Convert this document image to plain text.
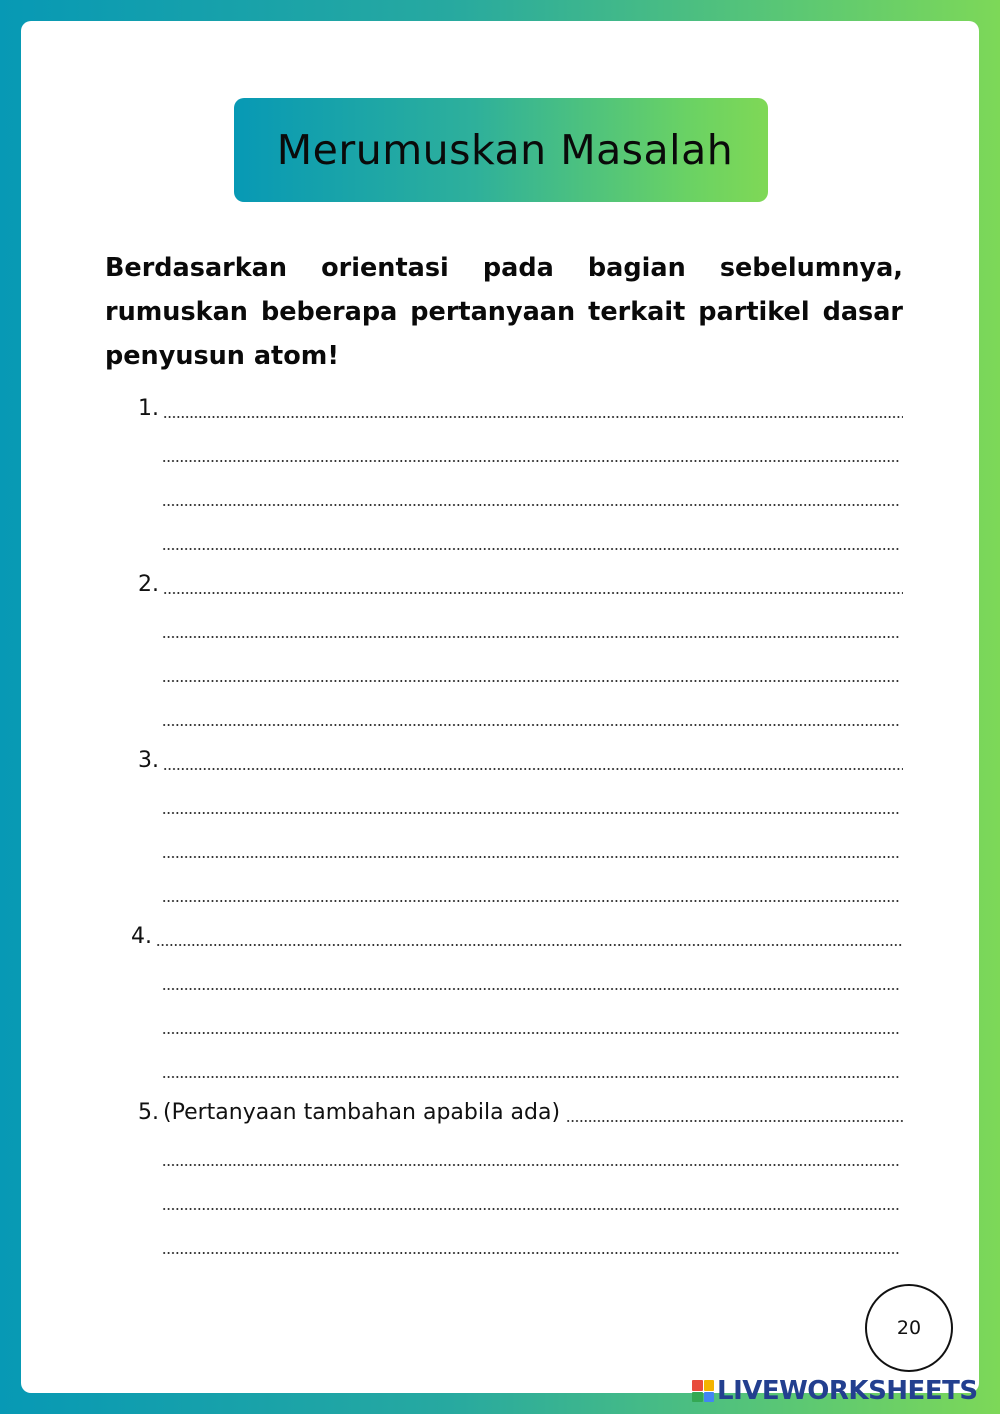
Merumuskan Masalah
Berdasarkan orientasi pada bagian sebelumnya, rumuskan beberapa pertanyaan terkait partikel dasar penyusun atom!
1.
2.
3.
4.
5. (Pertanyaan tambahan apabila ada)
20
LIVEWORKSHEETS
